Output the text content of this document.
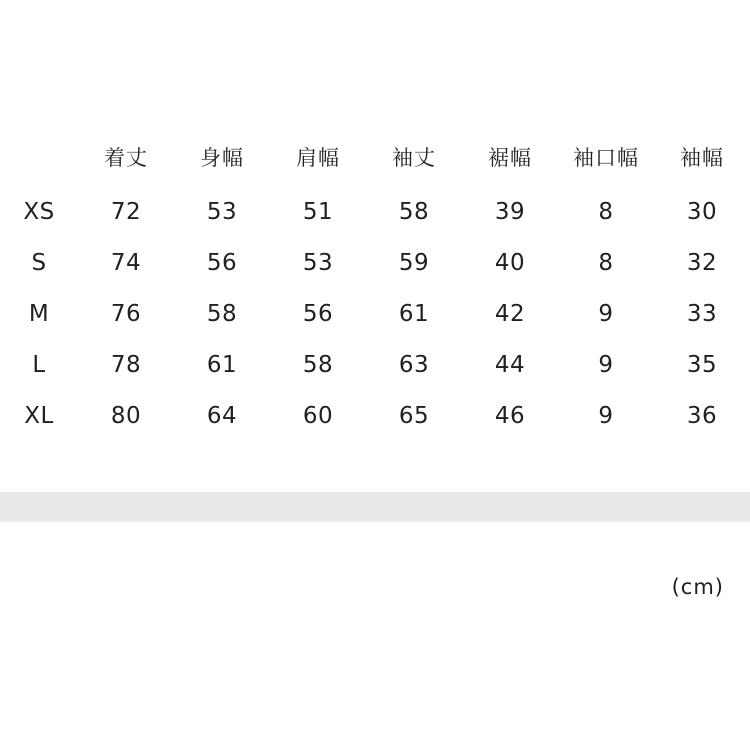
	着丈	身幅	肩幅	袖丈	裾幅	袖口幅	袖幅
XS	72	53	51	58	39	8	30
S	74	56	53	59	40	8	32
M	76	58	56	61	42	9	33
L	78	61	58	63	44	9	35
XL	80	64	60	65	46	9	36
(cm)
